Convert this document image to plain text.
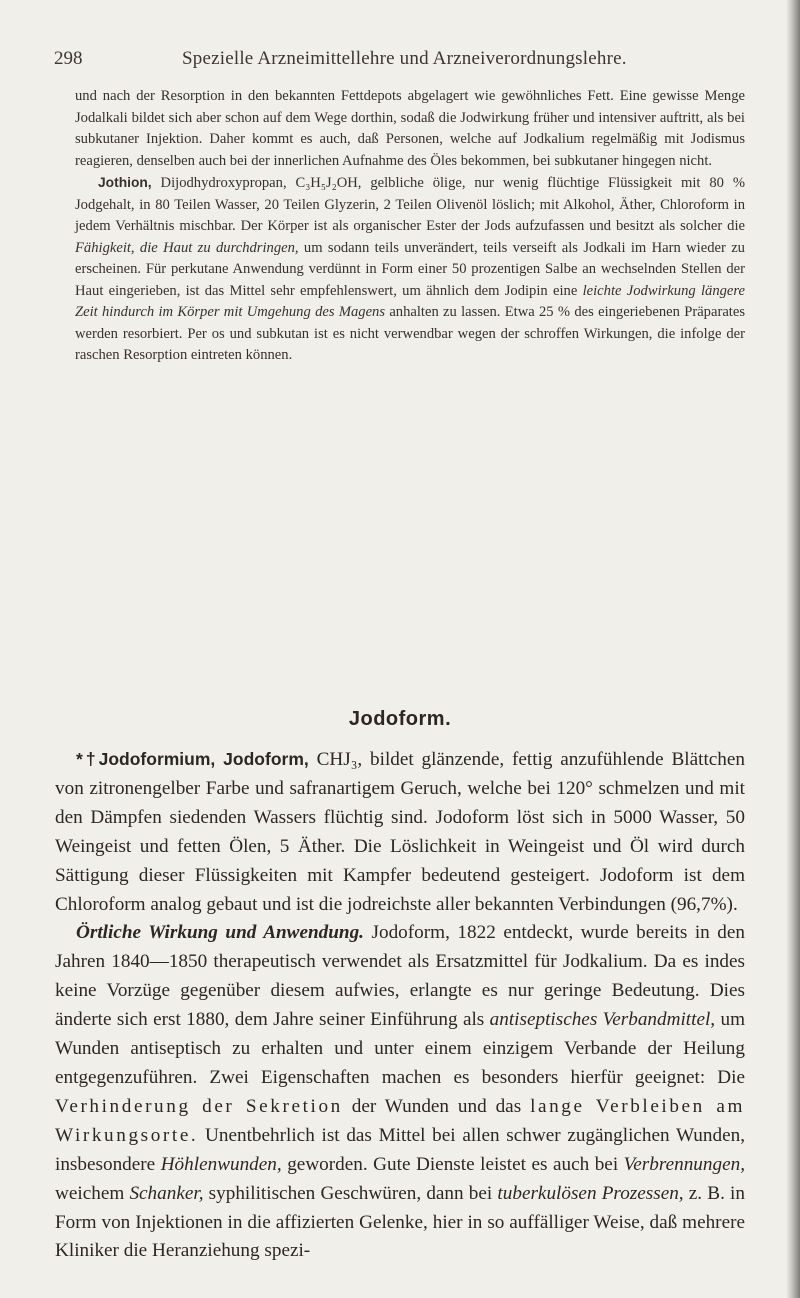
298	Spezielle Arzneimittellehre und Arzneiverordnungslehre.

und nach der Resorption in den bekannten Fettdepots abgelagert wie gewöhnliches Fett. Eine gewisse Menge Jodalkali bildet sich aber schon auf dem Wege dorthin, sodaß die Jodwirkung früher und intensiver auftritt, als bei subkutaner Injektion. Daher kommt es auch, daß Personen, welche auf Jodkalium regelmäßig mit Jodismus reagieren, denselben auch bei der innerlichen Aufnahme des Öles bekommen, bei subkutaner hingegen nicht.

Jothion, Dijodhydroxypropan, C₃H₅J₂OH, gelbliche ölige, nur wenig flüchtige Flüssigkeit mit 80 % Jodgehalt, in 80 Teilen Wasser, 20 Teilen Glyzerin, 2 Teilen Olivenöl löslich; mit Alkohol, Äther, Chloroform in jedem Verhältnis mischbar. Der Körper ist als organischer Ester der Jods aufzufassen und besitzt als solcher die Fähigkeit, die Haut zu durchdringen, um sodann teils unverändert, teils verseift als Jodkali im Harn wieder zu erscheinen. Für perkutane Anwendung verdünnt in Form einer 50 prozentigen Salbe an wechselnden Stellen der Haut eingerieben, ist das Mittel sehr empfehlenswert, um ähnlich dem Jodipin eine leichte Jodwirkung längere Zeit hindurch im Körper mit Umgehung des Magens anhalten zu lassen. Etwa 25 % des eingeriebenen Präparates werden resorbiert. Per os und subkutan ist es nicht verwendbar wegen der schroffen Wirkungen, die infolge der raschen Resorption eintreten können.

Jodoform.

*†Jodoformium, Jodoform, CHJ₃, bildet glänzende, fettig anzufühlende Blättchen von zitronengelber Farbe und safranartigem Geruch, welche bei 120° schmelzen und mit den Dämpfen siedenden Wassers flüchtig sind. Jodoform löst sich in 5000 Wasser, 50 Weingeist und fetten Ölen, 5 Äther. Die Löslichkeit in Weingeist und Öl wird durch Sättigung dieser Flüssigkeiten mit Kampfer bedeutend gesteigert. Jodoform ist dem Chloroform analog gebaut und ist die jodreichste aller bekannten Verbindungen (96,7%).

Örtliche Wirkung und Anwendung. Jodoform, 1822 entdeckt, wurde bereits in den Jahren 1840—1850 therapeutisch verwendet als Ersatzmittel für Jodkalium. Da es indes keine Vorzüge gegenüber diesem aufwies, erlangte es nur geringe Bedeutung. Dies änderte sich erst 1880, dem Jahre seiner Einführung als antiseptisches Verbandmittel, um Wunden antiseptisch zu erhalten und unter einem einzigem Verbande der Heilung entgegenzuführen. Zwei Eigenschaften machen es besonders hierfür geeignet: Die Verhinderung der Sekretion der Wunden und das lange Verbleiben am Wirkungsorte. Unentbehrlich ist das Mittel bei allen schwer zugänglichen Wunden, insbesondere Höhlenwunden, geworden. Gute Dienste leistet es auch bei Verbrennungen, weichem Schanker, syphilitischen Geschwüren, dann bei tuberkulösen Prozessen, z. B. in Form von Injektionen in die affizierten Gelenke, hier in so auffälliger Weise, daß mehrere Kliniker die Heranziehung spezi-
